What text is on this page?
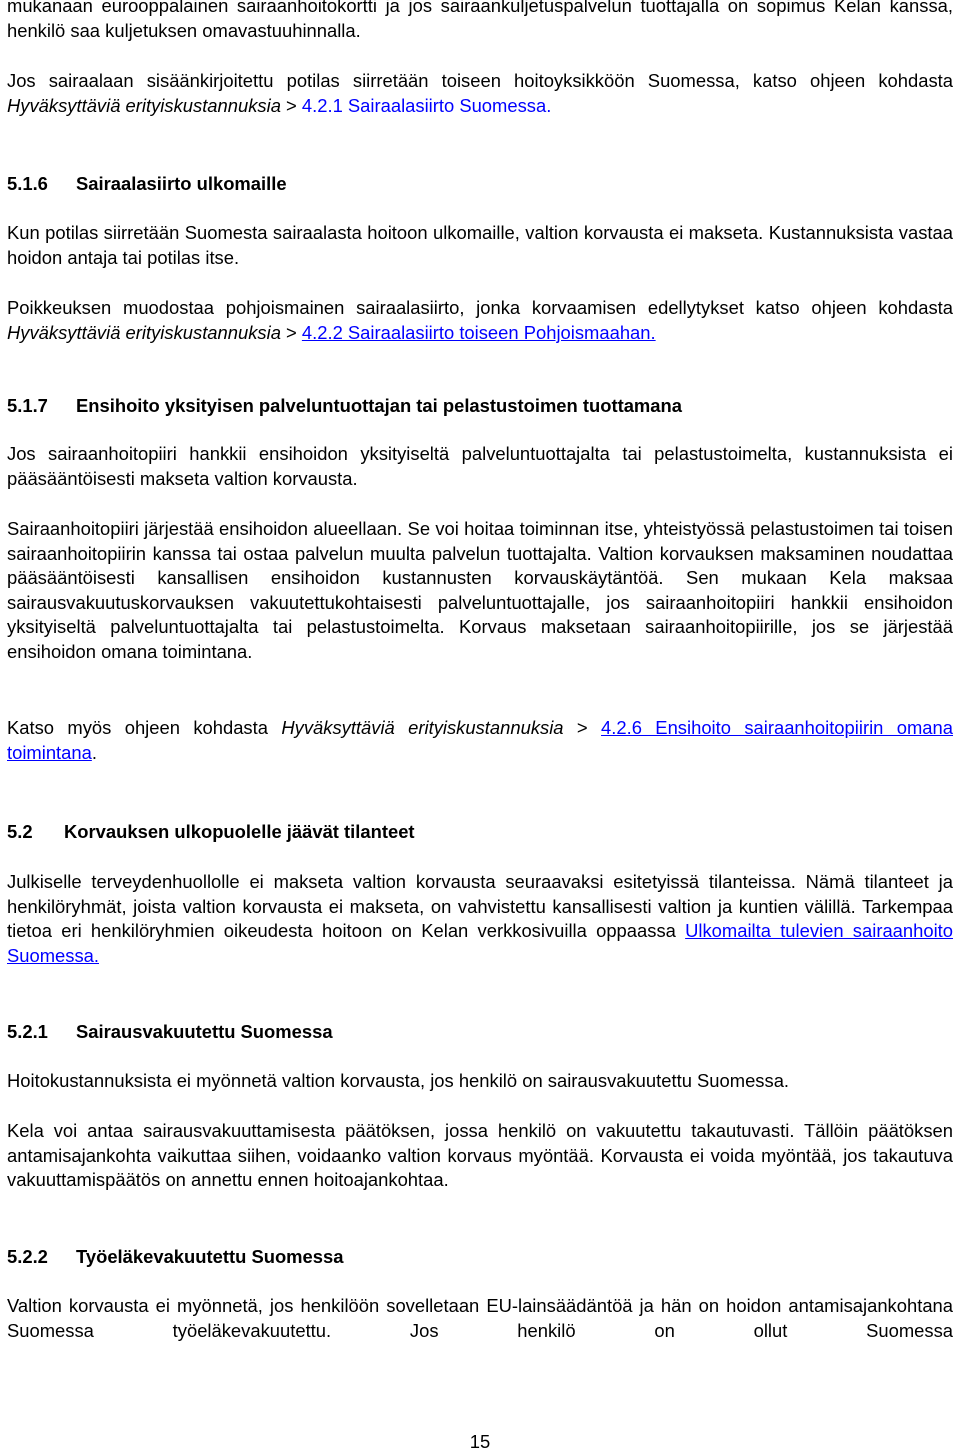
mukanaan eurooppalainen sairaanhoitokortti ja jos sairaankuljetuspalvelun tuottajalla on sopimus Kelan kanssa, henkilö saa kuljetuksen omavastuuhinnalla.

Jos sairaalaan sisäänkirjoitettu potilas siirretään toiseen hoitoyksikköön Suomessa, katso ohjeen kohdasta Hyväksyttäviä erityiskustannuksia > 4.2.1 Sairaalasiirto Suomessa.

5.1.6 Sairaalasiirto ulkomaille

Kun potilas siirretään Suomesta sairaalasta hoitoon ulkomaille, valtion korvausta ei makseta. Kustannuksista vastaa hoidon antaja tai potilas itse.

Poikkeuksen muodostaa pohjoismainen sairaalasiirto, jonka korvaamisen edellytykset katso ohjeen kohdasta Hyväksyttäviä erityiskustannuksia > 4.2.2 Sairaalasiirto toiseen Pohjoismaahan.

5.1.7 Ensihoito yksityisen palveluntuottajan tai pelastustoimen tuottamana

Jos sairaanhoitopiiri hankkii ensihoidon yksityiseltä palveluntuottajalta tai pelastustoimelta, kustannuksista ei pääsääntöisesti makseta valtion korvausta.

Sairaanhoitopiiri järjestää ensihoidon alueellaan. Se voi hoitaa toiminnan itse, yhteistyössä pelastustoimen tai toisen sairaanhoitopiirin kanssa tai ostaa palvelun muulta palvelun tuottajalta. Valtion korvauksen maksaminen noudattaa pääsääntöisesti kansallisen ensihoidon kustannusten korvauskäytäntöä. Sen mukaan Kela maksaa sairausvakuutuskorvauksen vakuutettukohtaisesti palveluntuottajalle, jos sairaanhoitopiiri hankkii ensihoidon yksityiseltä palveluntuottajalta tai pelastustoimelta. Korvaus maksetaan sairaanhoitopiirille, jos se järjestää ensihoidon omana toimintana.

Katso myös ohjeen kohdasta Hyväksyttäviä erityiskustannuksia > 4.2.6 Ensihoito sairaanhoitopiirin omana toimintana.

5.2 Korvauksen ulkopuolelle jäävät tilanteet

Julkiselle terveydenhuollolle ei makseta valtion korvausta seuraavaksi esitetyissä tilanteissa. Nämä tilanteet ja henkilöryhmät, joista valtion korvausta ei makseta, on vahvistettu kansallisesti valtion ja kuntien välillä. Tarkempaa tietoa eri henkilöryhmien oikeudesta hoitoon on Kelan verkkosivuilla oppaassa Ulkomailta tulevien sairaanhoito Suomessa.

5.2.1 Sairausvakuutettu Suomessa

Hoitokustannuksista ei myönnetä valtion korvausta, jos henkilö on sairausvakuutettu Suomessa.

Kela voi antaa sairausvakuuttamisesta päätöksen, jossa henkilö on vakuutettu takautuvasti. Tällöin päätöksen antamisajankohta vaikuttaa siihen, voidaanko valtion korvaus myöntää. Korvausta ei voida myöntää, jos takautuva vakuuttamispäätös on annettu ennen hoitoajankohtaa.

5.2.2 Työeläkevakuutettu Suomessa

Valtion korvausta ei myönnetä, jos henkilöön sovelletaan EU-lainsäädäntöä ja hän on hoidon antamisajankohtana Suomessa työeläkevakuutettu. Jos henkilö on ollut Suomessa

15
